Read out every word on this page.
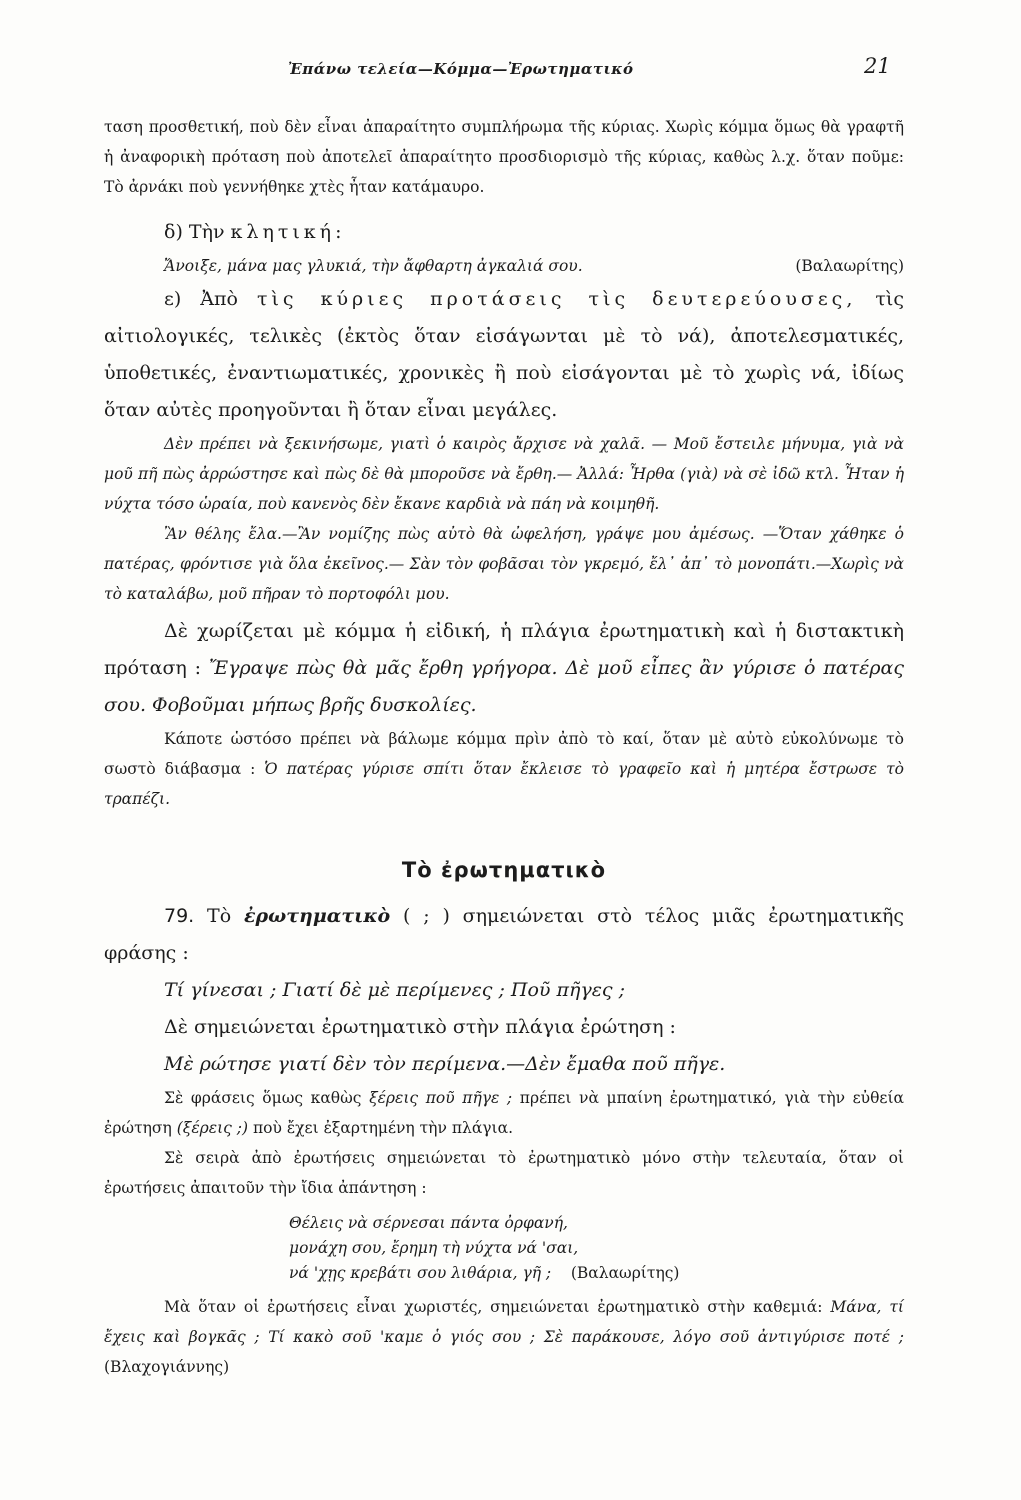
Ἐπάνω τελεία—Κόμμα—Ἐρωτηματικό	21

ταση προσθετική, ποὺ δὲν εἶναι ἀπαραίτητο συμπλήρωμα τῆς κύριας. Χωρὶς κόμμα ὅμως θὰ γραφτῆ ἡ ἀναφορικὴ πρόταση ποὺ ἀποτελεῖ ἀπαραίτητο προσδιορισμὸ τῆς κύριας, καθὼς λ.χ. ὅταν ποῦμε: Τὸ ἀρνάκι ποὺ γεννήθηκε χτὲς ἦταν κατάμαυρο.

δ) Τὴν κλητική:

Ἄνοιξε, μάνα μας γλυκιά, τὴν ἄφθαρτη ἀγκαλιά σου.	(Βαλαωρίτης)

ε) Ἀπὸ τὶς κύριες προτάσεις τὶς δευτερεύουσες, τὶς αἰτιολογικές, τελικὲς (ἐκτὸς ὅταν εἰσάγωνται μὲ τὸ νά), ἀποτελεσματικές, ὑποθετικές, ἐναντιωματικές, χρονικὲς ἢ ποὺ εἰσάγονται μὲ τὸ χωρὶς νά, ἰδίως ὅταν αὐτὲς προηγοῦνται ἢ ὅταν εἶναι μεγάλες.

Δὲν πρέπει νὰ ξεκινήσωμε, γιατὶ ὁ καιρὸς ἄρχισε νὰ χαλᾶ. — Μοῦ ἔστειλε μήνυμα, γιὰ νὰ μοῦ πῆ πὼς ἀρρώστησε καὶ πὼς δὲ θὰ μποροῦσε νὰ ἔρθη.— Ἀλλά: Ἦρθα (γιὰ) νὰ σὲ ἰδῶ κτλ. Ἦταν ἡ νύχτα τόσο ὡραία, ποὺ κανενὸς δὲν ἔκανε καρδιὰ νὰ πάη νὰ κοιμηθῆ.

Ἂν θέλης ἔλα.—Ἂν νομίζης πὼς αὐτὸ θὰ ὠφελήση, γράψε μου ἀμέσως. —Ὅταν χάθηκε ὁ πατέρας, φρόντισε γιὰ ὅλα ἐκεῖνος.— Σὰν τὸν φοβᾶσαι τὸν γκρεμό, ἔλ᾽ ἀπ᾽ τὸ μονοπάτι.—Χωρὶς νὰ τὸ καταλάβω, μοῦ πῆραν τὸ πορτοφόλι μου.

Δὲ χωρίζεται μὲ κόμμα ἡ εἰδική, ἡ πλάγια ἐρωτηματικὴ καὶ ἡ διστακτικὴ πρόταση : Ἔγραψε πὼς θὰ μᾶς ἔρθη γρήγορα. Δὲ μοῦ εἶπες ἂν γύρισε ὁ πατέρας σου. Φοβοῦμαι μήπως βρῆς δυσκολίες.

Κάποτε ὡστόσο πρέπει νὰ βάλωμε κόμμα πρὶν ἀπὸ τὸ καί, ὅταν μὲ αὐτὸ εὐκολύνωμε τὸ σωστὸ διάβασμα : Ὁ πατέρας γύρισε σπίτι ὅταν ἔκλεισε τὸ γραφεῖο καὶ ἡ μητέρα ἔστρωσε τὸ τραπέζι.

Τὸ ἐρωτηματικὸ

79. Τὸ ἐρωτηματικὸ ( ; ) σημειώνεται στὸ τέλος μιᾶς ἐρωτηματικῆς φράσης :

Τί γίνεσαι ; Γιατί δὲ μὲ περίμενες ; Ποῦ πῆγες ;

Δὲ σημειώνεται ἐρωτηματικὸ στὴν πλάγια ἐρώτηση :

Μὲ ρώτησε γιατί δὲν τὸν περίμενα.—Δὲν ἔμαθα ποῦ πῆγε.

Σὲ φράσεις ὅμως καθὼς ξέρεις ποῦ πῆγε ; πρέπει νὰ μπαίνη ἐρωτηματικό, γιὰ τὴν εὐθεία ἐρώτηση (ξέρεις ;) ποὺ ἔχει ἐξαρτημένη τὴν πλάγια.

Σὲ σειρὰ ἀπὸ ἐρωτήσεις σημειώνεται τὸ ἐρωτηματικὸ μόνο στὴν τελευταία, ὅταν οἱ ἐρωτήσεις ἀπαιτοῦν τὴν ἴδια ἀπάντηση :

Θέλεις νὰ σέρνεσαι πάντα ὀρφανή,
μονάχη σου, ἔρημη τὴ νύχτα νά 'σαι,
νά 'χῃς κρεβάτι σου λιθάρια, γῆ ; (Βαλαωρίτης)

Μὰ ὅταν οἱ ἐρωτήσεις εἶναι χωριστές, σημειώνεται ἐρωτηματικὸ στὴν καθεμιά: Μάνα, τί ἔχεις καὶ βογκᾶς ; Τί κακὸ σοῦ 'καμε ὁ γιός σου ; Σὲ παράκουσε, λόγο σοῦ ἀντιγύρισε ποτέ ; (Βλαχογιάννης)
